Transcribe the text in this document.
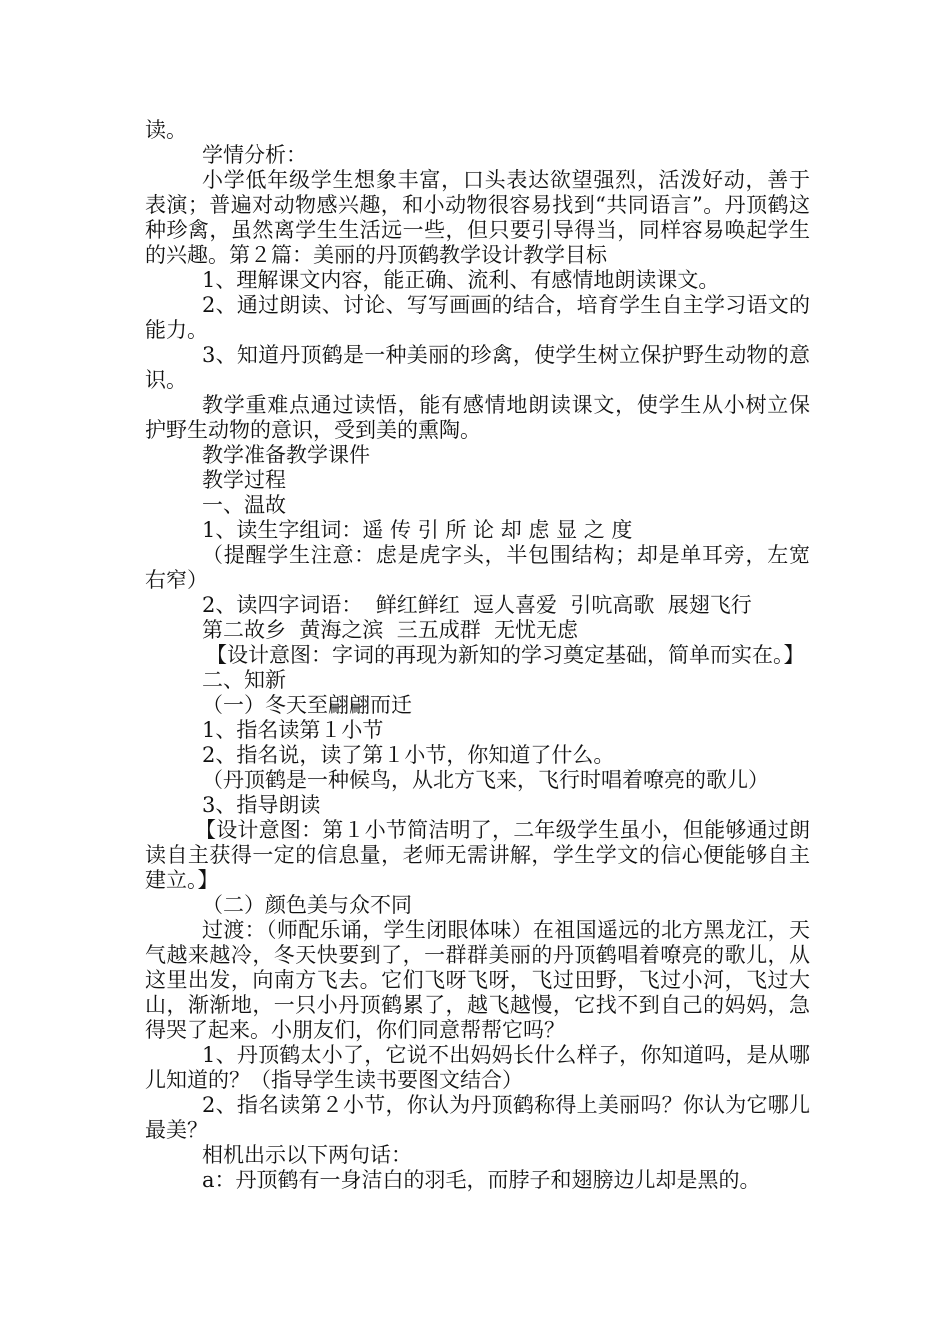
读。

学情分析：

小学低年级学生想象丰富，口头表达欲望强烈，活泼好动，善于表演；普遍对动物感兴趣，和小动物很容易找到“共同语言”。丹顶鹤这种珍禽，虽然离学生生活远一些，但只要引导得当，同样容易唤起学生的兴趣。第２篇：美丽的丹顶鹤教学设计教学目标

1、理解课文内容，能正确、流利、有感情地朗读课文。

2、通过朗读、讨论、写写画画的结合，培育学生自主学习语文的能力。

3、知道丹顶鹤是一种美丽的珍禽，使学生树立保护野生动物的意识。

教学重难点通过读悟，能有感情地朗读课文，使学生从小树立保护野生动物的意识，受到美的熏陶。

教学准备教学课件

教学过程

一、温故

1、读生字组词：遥 传 引 所 论 却 虑 显 之 度

（提醒学生注意：虑是虎字头，半包围结构；却是单耳旁，左宽右窄）

2、读四字词语：  鲜红鲜红  逗人喜爱  引吭高歌  展翅飞行

第二故乡  黄海之滨  三五成群  无忧无虑

【设计意图：字词的再现为新知的学习奠定基础，简单而实在。】

二、知新

（一）冬天至翩翩而迁

1、指名读第１小节

2、指名说，读了第１小节，你知道了什么。

（丹顶鹤是一种候鸟，从北方飞来，飞行时唱着嘹亮的歌儿）

3、指导朗读

【设计意图：第１小节简洁明了，二年级学生虽小，但能够通过朗读自主获得一定的信息量，老师无需讲解，学生学文的信心便能够自主建立。】

（二）颜色美与众不同

过渡：（师配乐诵，学生闭眼体味）在祖国遥远的北方黑龙江，天气越来越冷，冬天快要到了，一群群美丽的丹顶鹤唱着嘹亮的歌儿，从这里出发，向南方飞去。它们飞呀飞呀，飞过田野，飞过小河，飞过大山，渐渐地，一只小丹顶鹤累了，越飞越慢，它找不到自己的妈妈，急得哭了起来。小朋友们，你们同意帮帮它吗？

1、丹顶鹤太小了，它说不出妈妈长什么样子，你知道吗，是从哪儿知道的？（指导学生读书要图文结合）

2、指名读第２小节，你认为丹顶鹤称得上美丽吗？你认为它哪儿最美？

相机出示以下两句话：

a：丹顶鹤有一身洁白的羽毛，而脖子和翅膀边儿却是黑的。
